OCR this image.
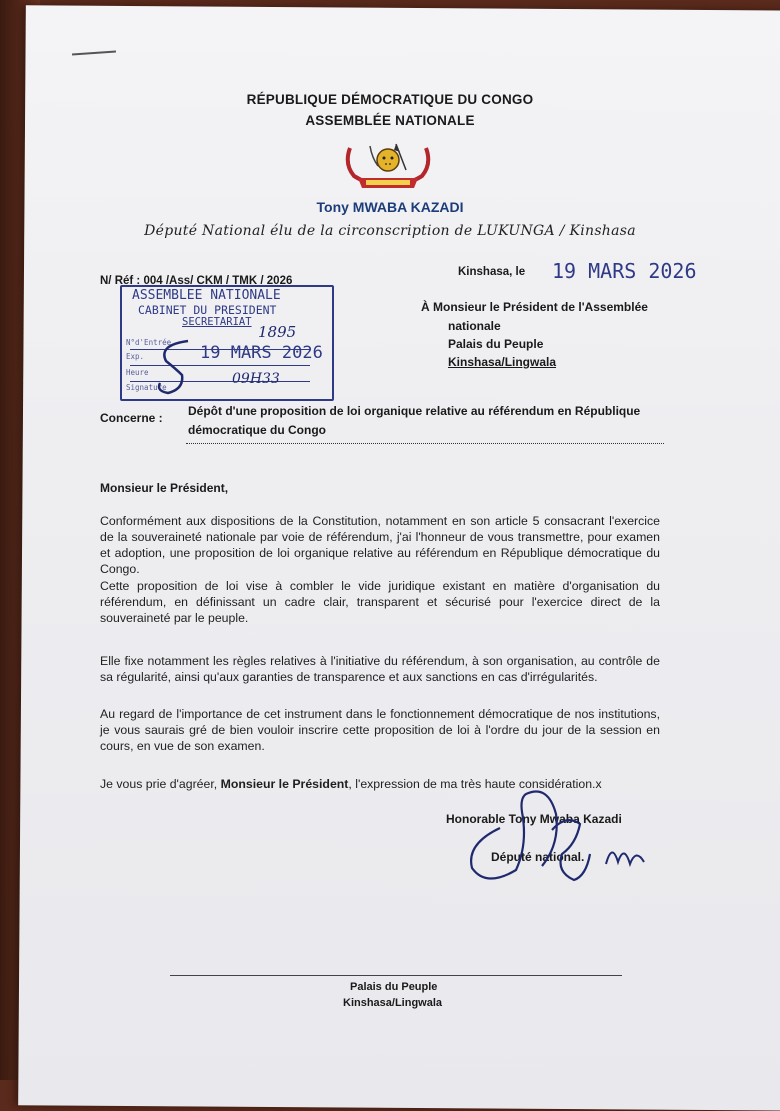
RÉPUBLIQUE DÉMOCRATIQUE DU CONGO
ASSEMBLÉE NATIONALE
Tony MWABA KAZADI
Député National élu de la circonscription de LUKUNGA / Kinshasa
N/ Réf : 004 /Ass/ CKM / TMK / 2026
Kinshasa, le 19 MARS 2026
ASSEMBLEE NATIONALE
CABINET DU PRESIDENT
SECRETARIAT
N°d'Entrée
Exp.
Heure
Signature
1895
19 MARS 2026
09H33
À Monsieur le Président de l'Assemblée
nationale
Palais du Peuple
Kinshasa/Lingwala
Concerne : Dépôt d'une proposition de loi organique relative au référendum en République
démocratique du Congo
Monsieur le Président,
Conformément aux dispositions de la Constitution, notamment en son article 5 consacrant l'exercice de la souveraineté nationale par voie de référendum, j'ai l'honneur de vous transmettre, pour examen et adoption, une proposition de loi organique relative au référendum en République démocratique du Congo.
Cette proposition de loi vise à combler le vide juridique existant en matière d'organisation du référendum, en définissant un cadre clair, transparent et sécurisé pour l'exercice direct de la souveraineté par le peuple.
Elle fixe notamment les règles relatives à l'initiative du référendum, à son organisation, au contrôle de sa régularité, ainsi qu'aux garanties de transparence et aux sanctions en cas d'irrégularités.
Au regard de l'importance de cet instrument dans le fonctionnement démocratique de nos institutions, je vous saurais gré de bien vouloir inscrire cette proposition de loi à l'ordre du jour de la session en cours, en vue de son examen.
Je vous prie d'agréer, Monsieur le Président, l'expression de ma très haute considération.x
Honorable Tony Mwaba Kazadi
Député national.
Palais du Peuple
Kinshasa/Lingwala
